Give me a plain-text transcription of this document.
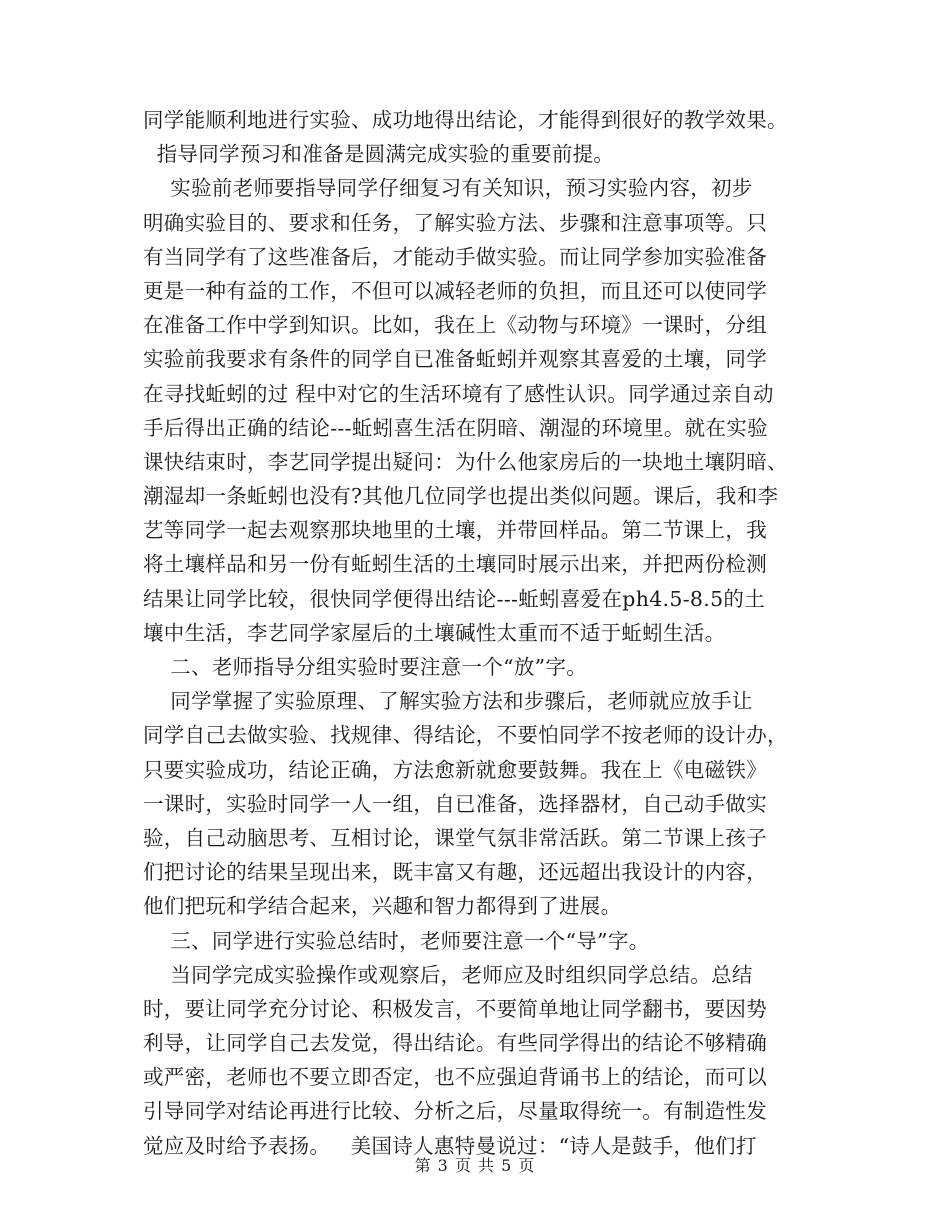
同学能顺利地进行实验、成功地得出结论，才能得到很好的教学效果。
指导同学预习和准备是圆满完成实验的重要前提。
实验前老师要指导同学仔细复习有关知识，预习实验内容，初步
明确实验目的、要求和任务，了解实验方法、步骤和注意事项等。只
有当同学有了这些准备后，才能动手做实验。而让同学参加实验准备
更是一种有益的工作，不但可以减轻老师的负担，而且还可以使同学
在准备工作中学到知识。比如，我在上《动物与环境》一课时，分组
实验前我要求有条件的同学自已准备蚯蚓并观察其喜爱的土壤，同学
在寻找蚯蚓的过 程中对它的生活环境有了感性认识。同学通过亲自动
手后得出正确的结论---蚯蚓喜生活在阴暗、潮湿的环境里。就在实验
课快结束时，李艺同学提出疑问：为什么他家房后的一块地土壤阴暗、
潮湿却一条蚯蚓也没有?其他几位同学也提出类似问题。课后，我和李
艺等同学一起去观察那块地里的土壤，并带回样品。第二节课上，我
将土壤样品和另一份有蚯蚓生活的土壤同时展示出来，并把两份检测
结果让同学比较，很快同学便得出结论---蚯蚓喜爱在ph4.5-8.5的土
壤中生活，李艺同学家屋后的土壤碱性太重而不适于蚯蚓生活。
二、老师指导分组实验时要注意一个“放”字。
同学掌握了实验原理、了解实验方法和步骤后，老师就应放手让
同学自己去做实验、找规律、得结论，不要怕同学不按老师的设计办，
只要实验成功，结论正确，方法愈新就愈要鼓舞。我在上《电磁铁》
一课时，实验时同学一人一组，自已准备，选择器材，自己动手做实
验，自己动脑思考、互相讨论，课堂气氛非常活跃。第二节课上孩子
们把讨论的结果呈现出来，既丰富又有趣，还远超出我设计的内容，
他们把玩和学结合起来，兴趣和智力都得到了进展。
三、同学进行实验总结时，老师要注意一个“导”字。
当同学完成实验操作或观察后，老师应及时组织同学总结。总结
时，要让同学充分讨论、积极发言，不要简单地让同学翻书，要因势
利导，让同学自己去发觉，得出结论。有些同学得出的结论不够精确
或严密，老师也不要立即否定，也不应强迫背诵书上的结论，而可以
引导同学对结论再进行比较、分析之后，尽量取得统一。有制造性发
觉应及时给予表扬。   美国诗人惠特曼说过：“诗人是鼓手，他们打
第 3 页 共 5 页
